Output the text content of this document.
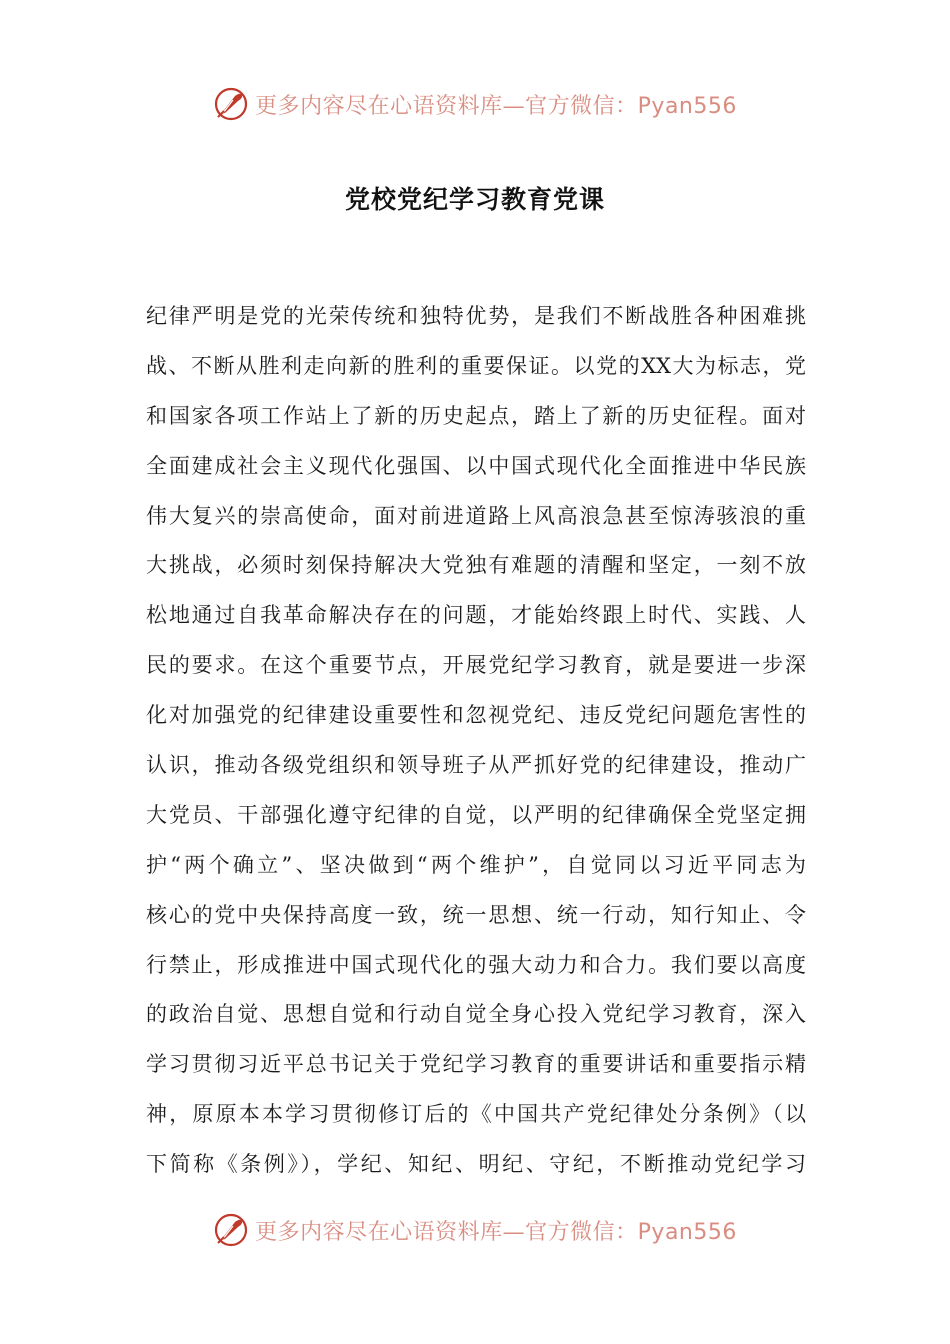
更多内容尽在心语资料库—官方微信：Pyan556
党校党纪学习教育党课
纪律严明是党的光荣传统和独特优势，是我们不断战胜各种困难挑
战、不断从胜利走向新的胜利的重要保证。以党的XX大为标志，党
和国家各项工作站上了新的历史起点，踏上了新的历史征程。面对
全面建成社会主义现代化强国、以中国式现代化全面推进中华民族
伟大复兴的崇高使命，面对前进道路上风高浪急甚至惊涛骇浪的重
大挑战，必须时刻保持解决大党独有难题的清醒和坚定，一刻不放
松地通过自我革命解决存在的问题，才能始终跟上时代、实践、人
民的要求。在这个重要节点，开展党纪学习教育，就是要进一步深
化对加强党的纪律建设重要性和忽视党纪、违反党纪问题危害性的
认识，推动各级党组织和领导班子从严抓好党的纪律建设，推动广
大党员、干部强化遵守纪律的自觉，以严明的纪律确保全党坚定拥
护“两个确立”、坚决做到“两个维护”，自觉同以习近平同志为
核心的党中央保持高度一致，统一思想、统一行动，知行知止、令
行禁止，形成推进中国式现代化的强大动力和合力。我们要以高度
的政治自觉、思想自觉和行动自觉全身心投入党纪学习教育，深入
学习贯彻习近平总书记关于党纪学习教育的重要讲话和重要指示精
神，原原本本学习贯彻修订后的《中国共产党纪律处分条例》（以
下简称《条例》），学纪、知纪、明纪、守纪，不断推动党纪学习
更多内容尽在心语资料库—官方微信：Pyan556
